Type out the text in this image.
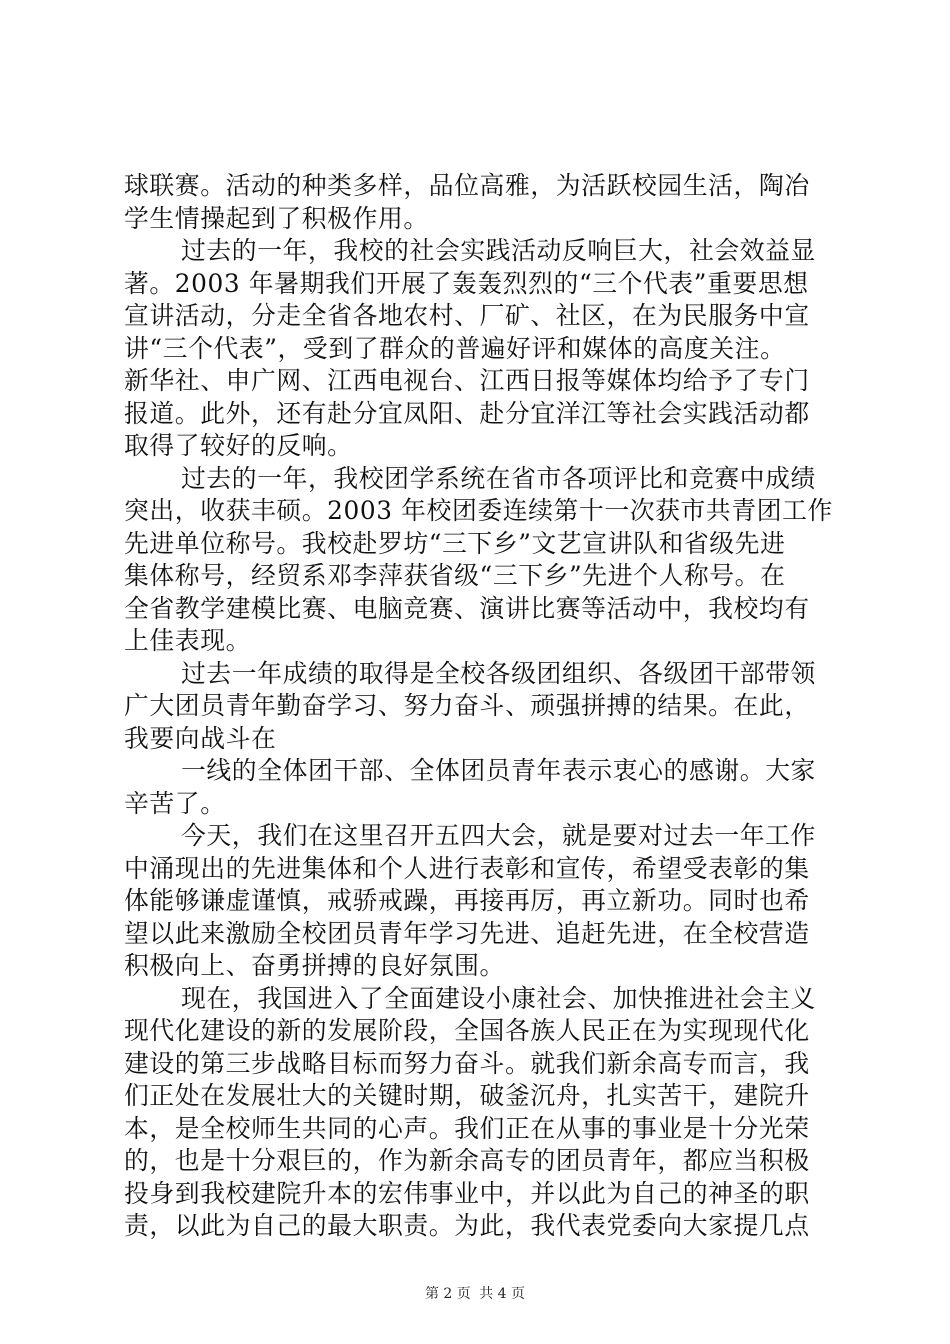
球联赛。活动的种类多样，品位高雅，为活跃校园生活，陶冶
学生情操起到了积极作用。
过去的一年，我校的社会实践活动反响巨大，社会效益显
著。2003 年暑期我们开展了轰轰烈烈的“三个代表”重要思想
宣讲活动，分走全省各地农村、厂矿、社区，在为民服务中宣
讲“三个代表”，受到了群众的普遍好评和媒体的高度关注。
新华社、申广网、江西电视台、江西日报等媒体均给予了专门
报道。此外，还有赴分宜凤阳、赴分宜洋江等社会实践活动都
取得了较好的反响。
过去的一年，我校团学系统在省市各项评比和竞赛中成绩
突出，收获丰硕。2003 年校团委连续第十一次获市共青团工作
先进单位称号。我校赴罗坊“三下乡”文艺宣讲队和省级先进
集体称号，经贸系邓李萍获省级“三下乡”先进个人称号。在
全省教学建模比赛、电脑竞赛、演讲比赛等活动中，我校均有
上佳表现。
过去一年成绩的取得是全校各级团组织、各级团干部带领
广大团员青年勤奋学习、努力奋斗、顽强拼搏的结果。在此，
我要向战斗在
一线的全体团干部、全体团员青年表示衷心的感谢。大家
辛苦了。
今天，我们在这里召开五四大会，就是要对过去一年工作
中涌现出的先进集体和个人进行表彰和宣传，希望受表彰的集
体能够谦虚谨慎，戒骄戒躁，再接再厉，再立新功。同时也希
望以此来激励全校团员青年学习先进、追赶先进，在全校营造
积极向上、奋勇拼搏的良好氛围。
现在，我国进入了全面建设小康社会、加快推进社会主义
现代化建设的新的发展阶段，全国各族人民正在为实现现代化
建设的第三步战略目标而努力奋斗。就我们新余高专而言，我
们正处在发展壮大的关键时期，破釜沉舟，扎实苦干，建院升
本，是全校师生共同的心声。我们正在从事的事业是十分光荣
的，也是十分艰巨的，作为新余高专的团员青年，都应当积极
投身到我校建院升本的宏伟事业中，并以此为自己的神圣的职
责，以此为自己的最大职责。为此，我代表党委向大家提几点
第 2 页 共 4 页
